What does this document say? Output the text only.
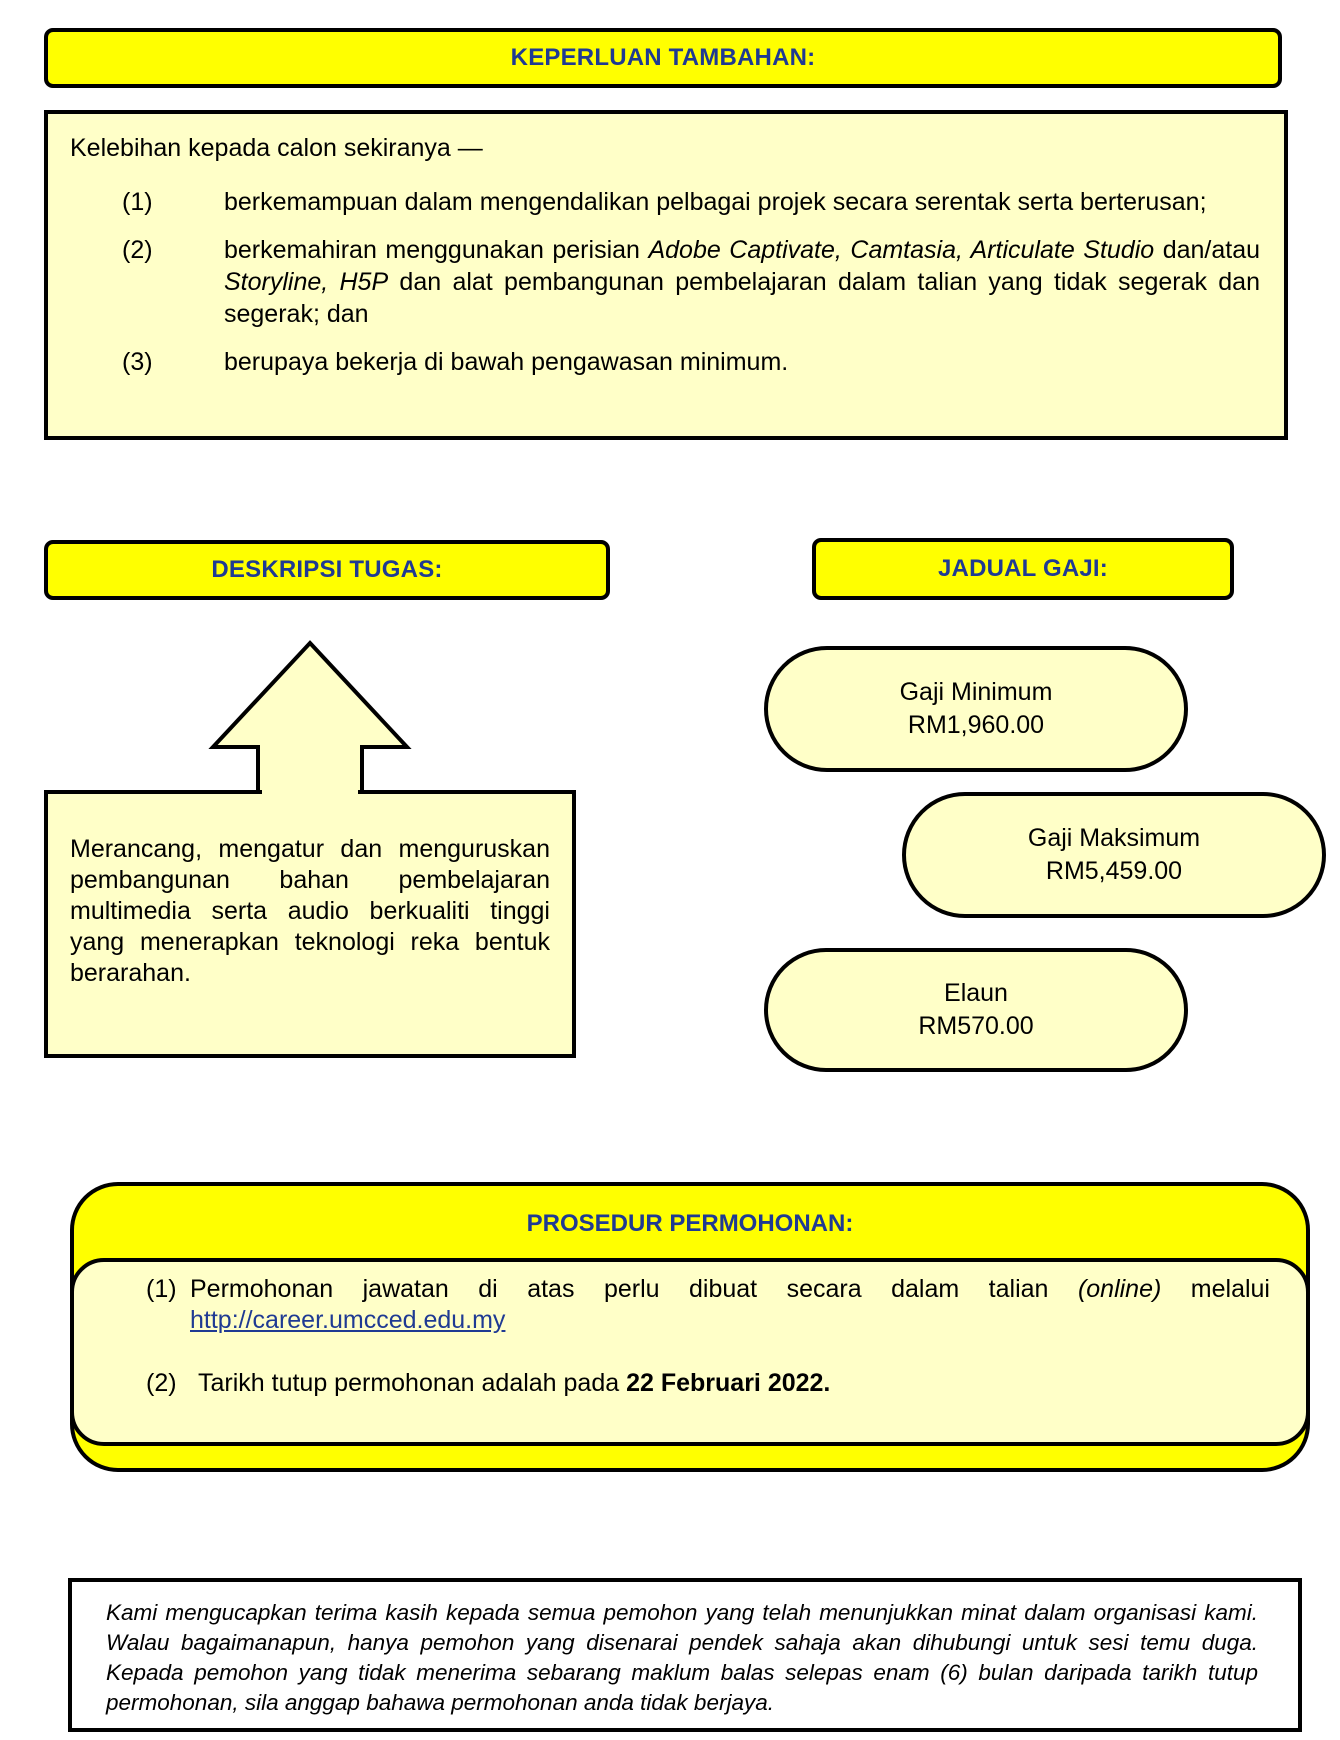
KEPERLUAN TAMBAHAN:
Kelebihan kepada calon sekiranya —
(1)	berkemampuan dalam mengendalikan pelbagai projek secara serentak serta berterusan;
(2)	berkemahiran menggunakan perisian Adobe Captivate, Camtasia, Articulate Studio dan/atau Storyline, H5P dan alat pembangunan pembelajaran dalam talian yang tidak segerak dan segerak; dan
(3)	berupaya bekerja di bawah pengawasan minimum.
DESKRIPSI TUGAS:
Merancang, mengatur dan menguruskan pembangunan bahan pembelajaran multimedia serta audio berkualiti tinggi yang menerapkan teknologi reka bentuk berarahan.
JADUAL GAJI:
Gaji Minimum
RM1,960.00
Gaji Maksimum
RM5,459.00
Elaun
RM570.00
PROSEDUR PERMOHONAN:
(1) Permohonan jawatan di atas perlu dibuat secara dalam talian (online) melalui
http://career.umcced.edu.my
(2) Tarikh tutup permohonan adalah pada 22 Februari 2022.
Kami mengucapkan terima kasih kepada semua pemohon yang telah menunjukkan minat dalam organisasi kami. Walau bagaimanapun, hanya pemohon yang disenarai pendek sahaja akan dihubungi untuk sesi temu duga. Kepada pemohon yang tidak menerima sebarang maklum balas selepas enam (6) bulan daripada tarikh tutup permohonan, sila anggap bahawa permohonan anda tidak berjaya.
